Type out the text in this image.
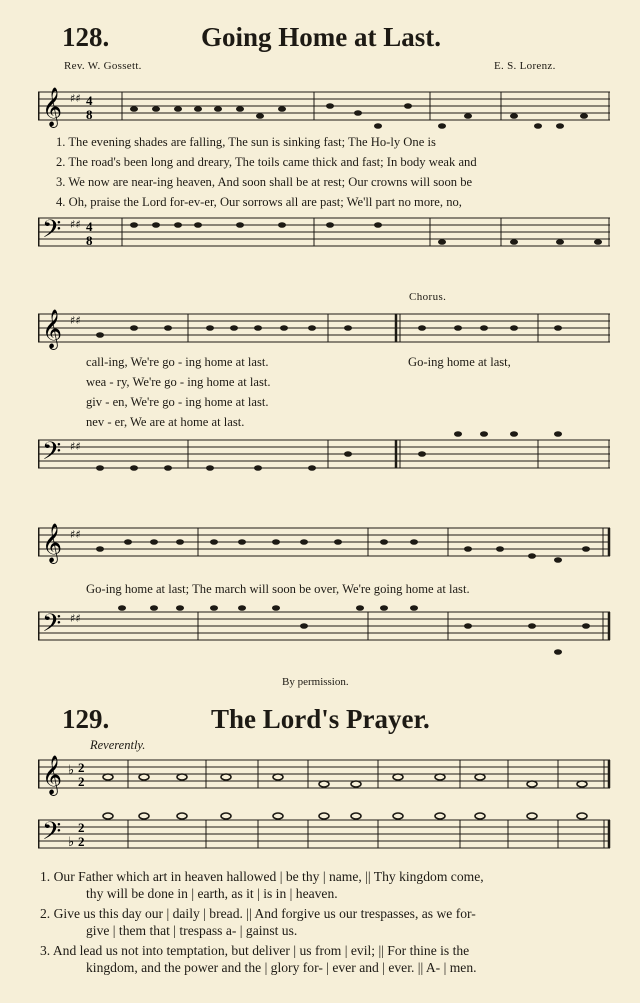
128.	Going Home at Last.
Rev. W. Gossett.	E. S. Lorenz.
𝄞 ♯♯ 4
8
1. The evening shades are falling, The sun is sinking fast; The Ho-ly One is
2. The road's been long and dreary, The toils came thick and fast; In body weak and
3. We now are near-ing heaven, And soon shall be at rest; Our crowns will soon be
4. Oh, praise the Lord for-ev-er, Our sorrows all are past; We'll part no more, no,
𝄢 ♯♯ 4
8
Chorus.
𝄞 ♯♯
call-ing, We're go - ing home at last.
wea - ry, We're go - ing home at last.
giv - en, We're go - ing home at last.
nev - er, We are at home at last.
Go-ing home at last,
𝄢 ♯♯
𝄞 ♯♯
Go-ing home at last; The march will soon be over, We're going home at last.
𝄢 ♯♯
By permission.
129.	The Lord's Prayer.
Reverently.
𝄞 ♭ 2
2
𝄢 ♭
2
2
1. Our Father which art in heaven hallowed | be thy | name, || Thy kingdom come,
thy will be done in | earth, as it | is in | heaven.
2. Give us this day our | daily | bread. || And forgive us our trespasses, as we for-
give | them that | trespass a- | gainst us.
3. And lead us not into temptation, but deliver | us from | evil; || For thine is the
kingdom, and the power and the | glory for- | ever and | ever. || A- | men.
